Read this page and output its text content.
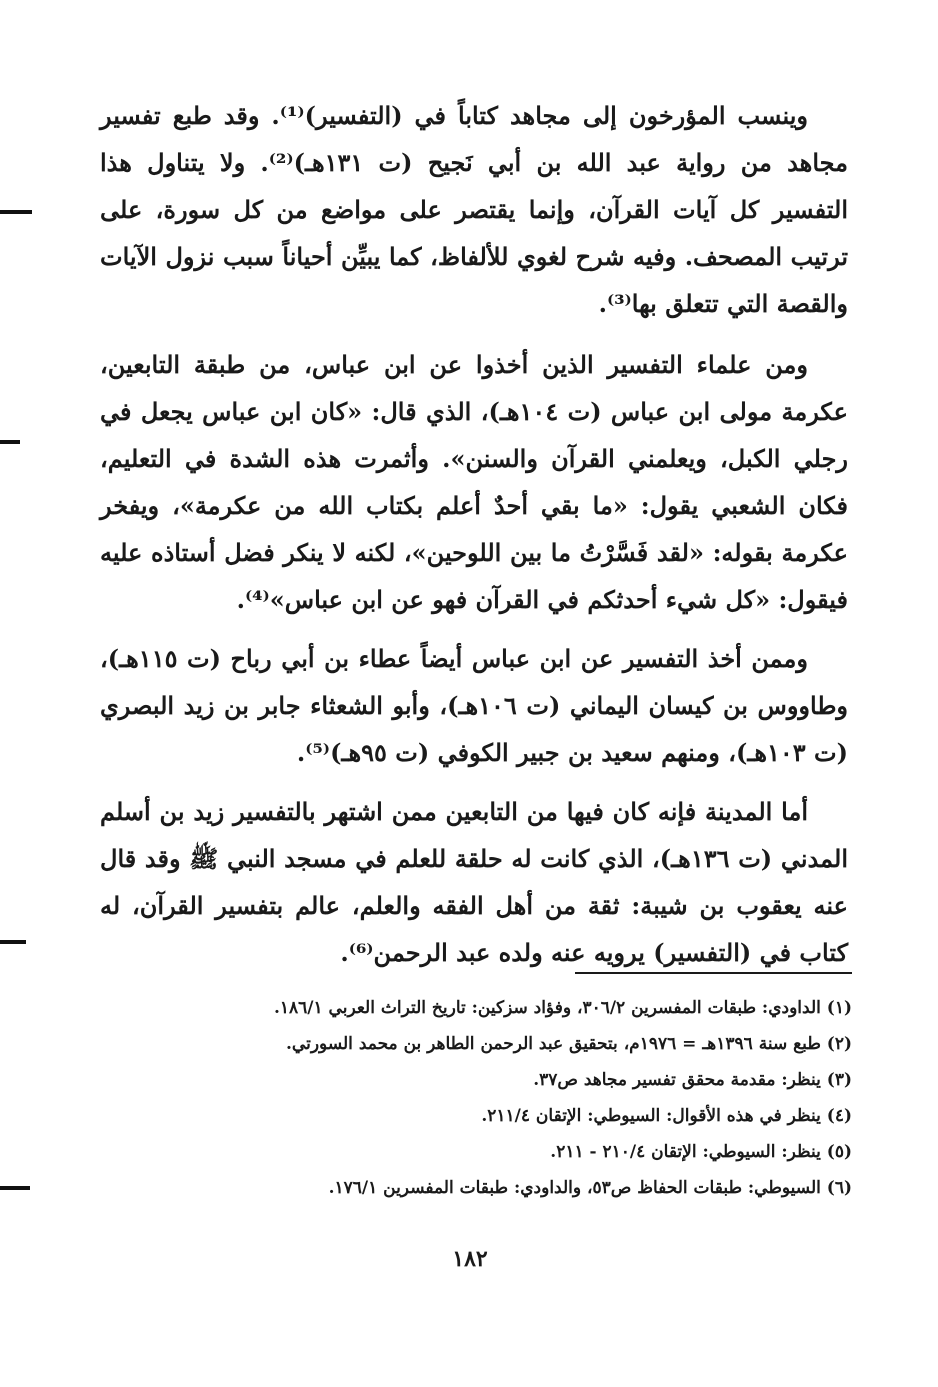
وينسب المؤرخون إلى مجاهد كتاباً في (التفسير)⁽¹⁾. وقد طبع تفسير مجاهد من رواية عبد الله بن أبي نَجيح (ت ١٣١هـ)⁽²⁾. ولا يتناول هذا التفسير كل آيات القرآن، وإنما يقتصر على مواضع من كل سورة، على ترتيب المصحف. وفيه شرح لغوي للألفاظ، كما يبيِّن أحياناً سبب نزول الآيات والقصة التي تتعلق بها⁽³⁾.

ومن علماء التفسير الذين أخذوا عن ابن عباس، من طبقة التابعين، عكرمة مولى ابن عباس (ت ١٠٤هـ)، الذي قال: «كان ابن عباس يجعل في رجلي الكبل، ويعلمني القرآن والسنن». وأثمرت هذه الشدة في التعليم، فكان الشعبي يقول: «ما بقي أحدٌ أعلم بكتاب الله من عكرمة»، ويفخر عكرمة بقوله: «لقد فَسَّرْتُ ما بين اللوحين»، لكنه لا ينكر فضل أستاذه عليه فيقول: «كل شيء أحدثكم في القرآن فهو عن ابن عباس»⁽⁴⁾.

وممن أخذ التفسير عن ابن عباس أيضاً عطاء بن أبي رباح (ت ١١٥هـ)، وطاووس بن كيسان اليماني (ت ١٠٦هـ)، وأبو الشعثاء جابر بن زيد البصري (ت ١٠٣هـ)، ومنهم سعيد بن جبير الكوفي (ت ٩٥هـ)⁽⁵⁾.

أما المدينة فإنه كان فيها من التابعين ممن اشتهر بالتفسير زيد بن أسلم المدني (ت ١٣٦هـ)، الذي كانت له حلقة للعلم في مسجد النبي ﷺ وقد قال عنه يعقوب بن شيبة: ثقة من أهل الفقه والعلم، عالم بتفسير القرآن، له كتاب في (التفسير) يرويه عنه ولده عبد الرحمن⁽⁶⁾.

(١) الداودي: طبقات المفسرين ٣٠٦/٢، وفؤاد سزكين: تاريخ التراث العربي ١٨٦/١.
(٢) طبع سنة ١٣٩٦هـ = ١٩٧٦م، بتحقيق عبد الرحمن الطاهر بن محمد السورتي.
(٣) ينظر: مقدمة محقق تفسير مجاهد ص٣٧.
(٤) ينظر في هذه الأقوال: السيوطي: الإتقان ٢١١/٤.
(٥) ينظر: السيوطي: الإتقان ٢١٠/٤ - ٢١١.
(٦) السيوطي: طبقات الحفاظ ص٥٣، والداودي: طبقات المفسرين ١٧٦/١.
١٨٢
